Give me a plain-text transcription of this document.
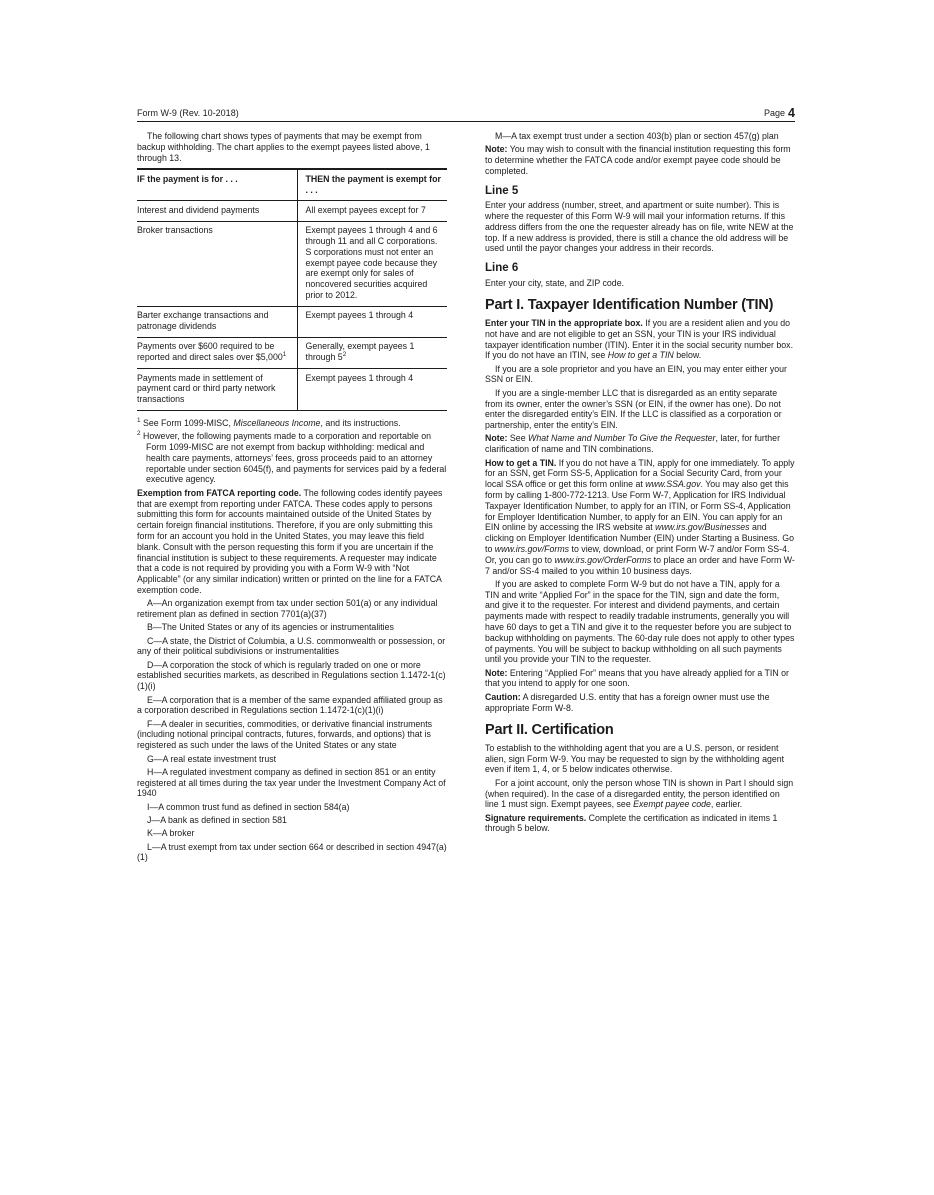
Form W-9 (Rev. 10-2018)	Page 4

The following chart shows types of payments that may be exempt from backup withholding. The chart applies to the exempt payees listed above, 1 through 13.

IF the payment is for . . .	THEN the payment is exempt for . . .
Interest and dividend payments	All exempt payees except for 7
Broker transactions	Exempt payees 1 through 4 and 6 through 11 and all C corporations. S corporations must not enter an exempt payee code because they are exempt only for sales of noncovered securities acquired prior to 2012.
Barter exchange transactions and patronage dividends	Exempt payees 1 through 4
Payments over $600 required to be reported and direct sales over $5,000$^1$	Generally, exempt payees 1 through $5^2$
Payments made in settlement of payment card or third party network transactions	Exempt payees 1 through 4

$^1$ See Form 1099-MISC, Miscellaneous Income, and its instructions.

$^2$ However, the following payments made to a corporation and reportable on Form 1099-MISC are not exempt from backup withholding: medical and health care payments, attorneys’ fees, gross proceeds paid to an attorney reportable under section 6045(f), and payments for services paid by a federal executive agency.

Exemption from FATCA reporting code. The following codes identify payees that are exempt from reporting under FATCA. These codes apply to persons submitting this form for accounts maintained outside of the United States by certain foreign financial institutions. Therefore, if you are only submitting this form for an account you hold in the United States, you may leave this field blank. Consult with the person requesting this form if you are uncertain if the financial institution is subject to these requirements. A requester may indicate that a code is not required by providing you with a Form W-9 with “Not Applicable” (or any similar indication) written or printed on the line for a FATCA exemption code.

A—An organization exempt from tax under section 501(a) or any individual retirement plan as defined in section 7701(a)(37)

B—The United States or any of its agencies or instrumentalities

C—A state, the District of Columbia, a U.S. commonwealth or possession, or any of their political subdivisions or instrumentalities

D—A corporation the stock of which is regularly traded on one or more established securities markets, as described in Regulations section 1.1472-1(c)(1)(i)

E—A corporation that is a member of the same expanded affiliated group as a corporation described in Regulations section 1.1472-1(c)(1)(i)

F—A dealer in securities, commodities, or derivative financial instruments (including notional principal contracts, futures, forwards, and options) that is registered as such under the laws of the United States or any state

G—A real estate investment trust

H—A regulated investment company as defined in section 851 or an entity registered at all times during the tax year under the Investment Company Act of 1940

I—A common trust fund as defined in section 584(a)

J—A bank as defined in section 581

K—A broker

L—A trust exempt from tax under section 664 or described in section 4947(a)(1)

M—A tax exempt trust under a section 403(b) plan or section 457(g) plan

Note: You may wish to consult with the financial institution requesting this form to determine whether the FATCA code and/or exempt payee code should be completed.

Line 5

Enter your address (number, street, and apartment or suite number). This is where the requester of this Form W-9 will mail your information returns. If this address differs from the one the requester already has on file, write NEW at the top. If a new address is provided, there is still a chance the old address will be used until the payor changes your address in their records.

Line 6

Enter your city, state, and ZIP code.

Part I. Taxpayer Identification Number (TIN)

Enter your TIN in the appropriate box. If you are a resident alien and you do not have and are not eligible to get an SSN, your TIN is your IRS individual taxpayer identification number (ITIN). Enter it in the social security number box. If you do not have an ITIN, see How to get a TIN below.

If you are a sole proprietor and you have an EIN, you may enter either your SSN or EIN.

If you are a single-member LLC that is disregarded as an entity separate from its owner, enter the owner’s SSN (or EIN, if the owner has one). Do not enter the disregarded entity’s EIN. If the LLC is classified as a corporation or partnership, enter the entity’s EIN.

Note: See What Name and Number To Give the Requester, later, for further clarification of name and TIN combinations.

How to get a TIN. If you do not have a TIN, apply for one immediately. To apply for an SSN, get Form SS-5, Application for a Social Security Card, from your local SSA office or get this form online at www.SSA.gov. You may also get this form by calling 1-800-772-1213. Use Form W-7, Application for IRS Individual Taxpayer Identification Number, to apply for an ITIN, or Form SS-4, Application for Employer Identification Number, to apply for an EIN. You can apply for an EIN online by accessing the IRS website at www.irs.gov/Businesses and clicking on Employer Identification Number (EIN) under Starting a Business. Go to www.irs.gov/Forms to view, download, or print Form W-7 and/or Form SS-4. Or, you can go to www.irs.gov/OrderForms to place an order and have Form W-7 and/or SS-4 mailed to you within 10 business days.

If you are asked to complete Form W-9 but do not have a TIN, apply for a TIN and write “Applied For” in the space for the TIN, sign and date the form, and give it to the requester. For interest and dividend payments, and certain payments made with respect to readily tradable instruments, generally you will have 60 days to get a TIN and give it to the requester before you are subject to backup withholding on payments. The 60-day rule does not apply to other types of payments. You will be subject to backup withholding on all such payments until you provide your TIN to the requester.

Note: Entering “Applied For” means that you have already applied for a TIN or that you intend to apply for one soon.

Caution: A disregarded U.S. entity that has a foreign owner must use the appropriate Form W-8.

Part II. Certification

To establish to the withholding agent that you are a U.S. person, or resident alien, sign Form W-9. You may be requested to sign by the withholding agent even if item 1, 4, or 5 below indicates otherwise.

For a joint account, only the person whose TIN is shown in Part I should sign (when required). In the case of a disregarded entity, the person identified on line 1 must sign. Exempt payees, see Exempt payee code, earlier.

Signature requirements. Complete the certification as indicated in items 1 through 5 below.
